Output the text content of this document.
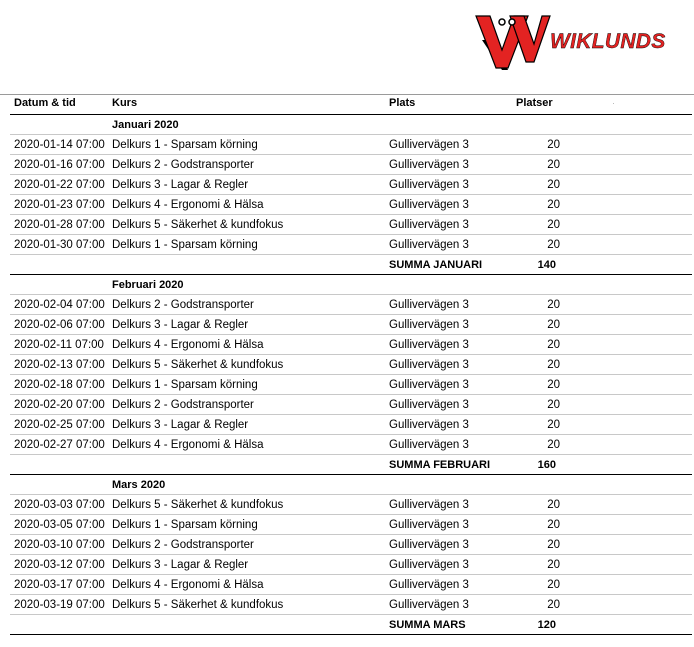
WIKLUNDS
Datum & tid	Kurs	Plats	Platser
Januari 2020
2020-01-14 07:00 Delkurs 1 - Sparsam körning	Gullivervägen 3	20
2020-01-16 07:00 Delkurs 2 - Godstransporter	Gullivervägen 3	20
2020-01-22 07:00 Delkurs 3 - Lagar & Regler	Gullivervägen 3	20
2020-01-23 07:00 Delkurs 4 - Ergonomi & Hälsa	Gullivervägen 3	20
2020-01-28 07:00 Delkurs 5 - Säkerhet & kundfokus	Gullivervägen 3	20
2020-01-30 07:00 Delkurs 1 - Sparsam körning	Gullivervägen 3	20
SUMMA JANUARI	140
Februari 2020
2020-02-04 07:00 Delkurs 2 - Godstransporter	Gullivervägen 3	20
2020-02-06 07:00 Delkurs 3 - Lagar & Regler	Gullivervägen 3	20
2020-02-11 07:00 Delkurs 4 - Ergonomi & Hälsa	Gullivervägen 3	20
2020-02-13 07:00 Delkurs 5 - Säkerhet & kundfokus	Gullivervägen 3	20
2020-02-18 07:00 Delkurs 1 - Sparsam körning	Gullivervägen 3	20
2020-02-20 07:00 Delkurs 2 - Godstransporter	Gullivervägen 3	20
2020-02-25 07:00 Delkurs 3 - Lagar & Regler	Gullivervägen 3	20
2020-02-27 07:00 Delkurs 4 - Ergonomi & Hälsa	Gullivervägen 3	20
SUMMA FEBRUARI	160
Mars 2020
2020-03-03 07:00 Delkurs 5 - Säkerhet & kundfokus	Gullivervägen 3	20
2020-03-05 07:00 Delkurs 1 - Sparsam körning	Gullivervägen 3	20
2020-03-10 07:00 Delkurs 2 - Godstransporter	Gullivervägen 3	20
2020-03-12 07:00 Delkurs 3 - Lagar & Regler	Gullivervägen 3	20
2020-03-17 07:00 Delkurs 4 - Ergonomi & Hälsa	Gullivervägen 3	20
2020-03-19 07:00 Delkurs 5 - Säkerhet & kundfokus	Gullivervägen 3	20
SUMMA MARS	120
